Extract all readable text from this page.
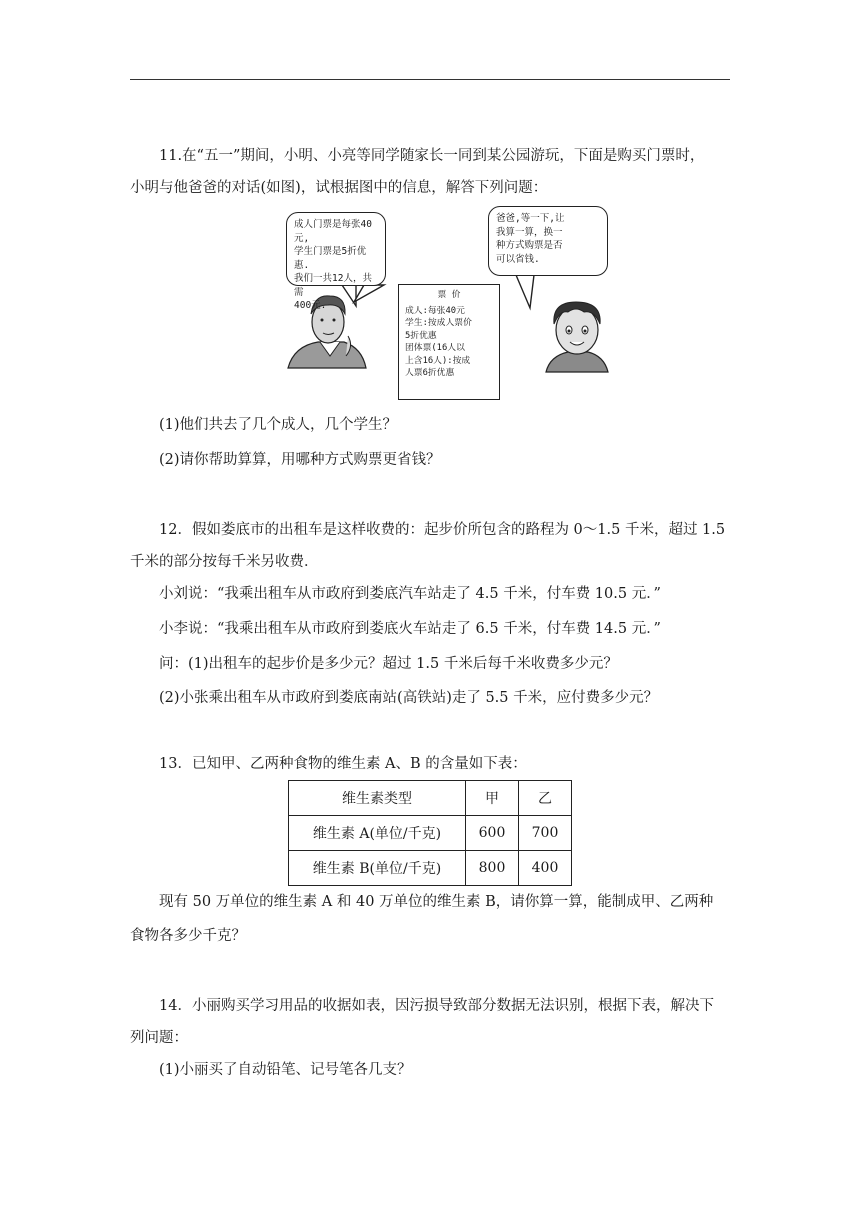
11.在“五一”期间，小明、小亮等同学随家长一同到某公园游玩，下面是购买门票时，
小明与他爸爸的对话(如图)，试根据图中的信息，解答下列问题：
成人门票是每张40元,
学生门票是5折优惠.
我们一共12人，共需
400元.
爸爸,等一下,让
我算一算，换一
种方式购票是否
可以省钱.
票 价
成人:每张40元
学生:按成人票价
5折优惠
团体票(16人以
上含16人):按成
人票6折优惠
(1)他们共去了几个成人，几个学生？
(2)请你帮助算算，用哪种方式购票更省钱？
12．假如娄底市的出租车是这样收费的：起步价所包含的路程为 0～1.5 千米，超过 1.5
千米的部分按每千米另收费．
小刘说：“我乘出租车从市政府到娄底汽车站走了 4.5 千米，付车费 10.5 元．”
小李说：“我乘出租车从市政府到娄底火车站走了 6.5 千米，付车费 14.5 元．”
问：(1)出租车的起步价是多少元？超过 1.5 千米后每千米收费多少元？
(2)小张乘出租车从市政府到娄底南站(高铁站)走了 5.5 千米，应付费多少元？
13．已知甲、乙两种食物的维生素 A、B 的含量如下表：
维生素类型	甲	乙
维生素 A(单位/千克)	600	700
维生素 B(单位/千克)	800	400
现有 50 万单位的维生素 A 和 40 万单位的维生素 B，请你算一算，能制成甲、乙两种
食物各多少千克？
14．小丽购买学习用品的收据如表，因污损导致部分数据无法识别，根据下表，解决下
列问题：
(1)小丽买了自动铅笔、记号笔各几支？
